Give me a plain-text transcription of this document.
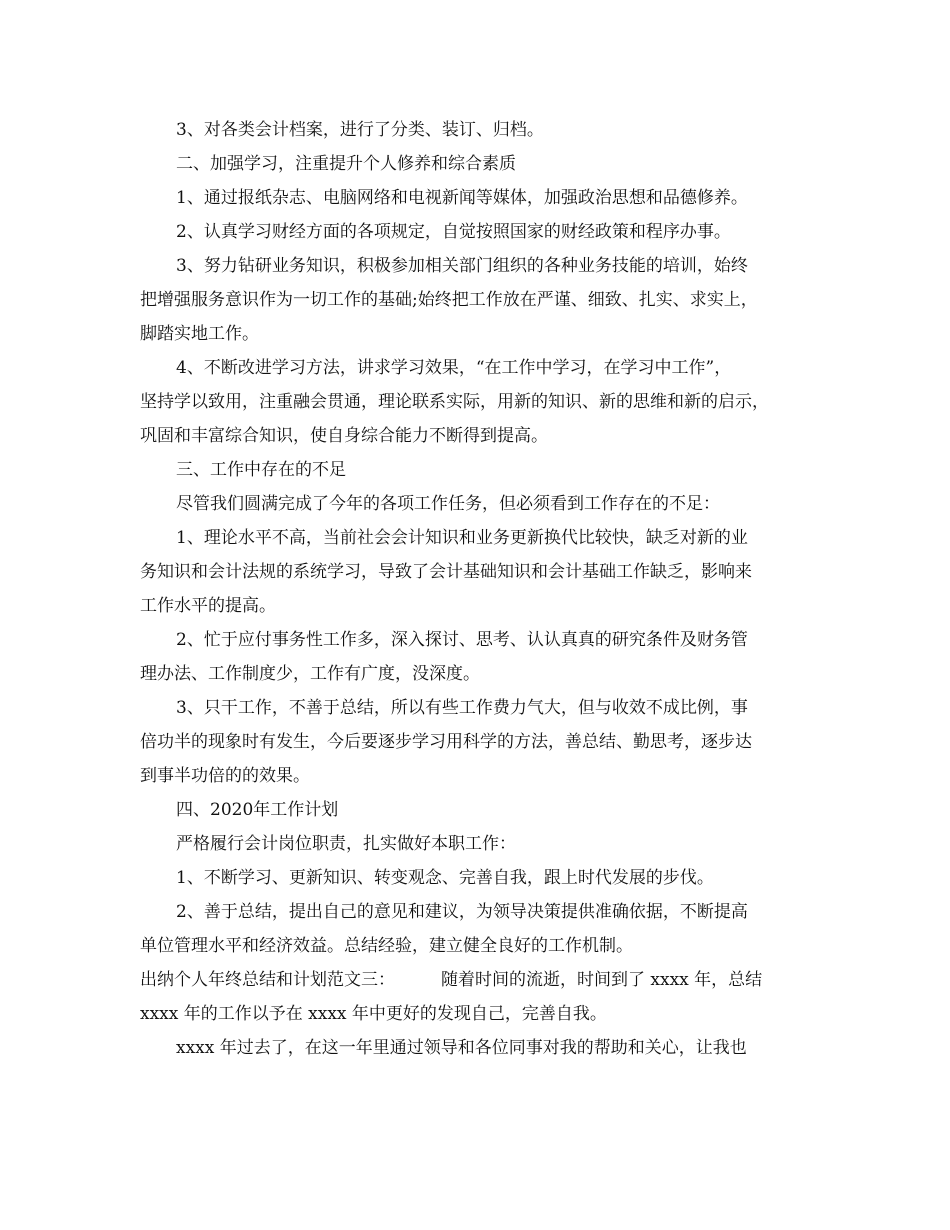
3、对各类会计档案，进行了分类、装订、归档。
二、加强学习，注重提升个人修养和综合素质
1、通过报纸杂志、电脑网络和电视新闻等媒体，加强政治思想和品德修养。
2、认真学习财经方面的各项规定，自觉按照国家的财经政策和程序办事。
3、努力钻研业务知识，积极参加相关部门组织的各种业务技能的培训，始终
把增强服务意识作为一切工作的基础;始终把工作放在严谨、细致、扎实、求实上，
脚踏实地工作。
4、不断改进学习方法，讲求学习效果，“在工作中学习，在学习中工作”，
坚持学以致用，注重融会贯通，理论联系实际，用新的知识、新的思维和新的启示，
巩固和丰富综合知识，使自身综合能力不断得到提高。
三、工作中存在的不足
尽管我们圆满完成了今年的各项工作任务，但必须看到工作存在的不足：
1、理论水平不高，当前社会会计知识和业务更新换代比较快，缺乏对新的业
务知识和会计法规的系统学习，导致了会计基础知识和会计基础工作缺乏，影响来
工作水平的提高。
2、忙于应付事务性工作多，深入探讨、思考、认认真真的研究条件及财务管
理办法、工作制度少，工作有广度，没深度。
3、只干工作，不善于总结，所以有些工作费力气大，但与收效不成比例，事
倍功半的现象时有发生，今后要逐步学习用科学的方法，善总结、勤思考，逐步达
到事半功倍的的效果。
四、2020年工作计划
严格履行会计岗位职责，扎实做好本职工作：
1、不断学习、更新知识、转变观念、完善自我，跟上时代发展的步伐。
2、善于总结，提出自己的意见和建议，为领导决策提供准确依据，不断提高
单位管理水平和经济效益。总结经验，建立健全良好的工作机制。
出纳个人年终总结和计划范文三：	随着时间的流逝，时间到了 xxxx 年，总结
xxxx 年的工作以予在 xxxx 年中更好的发现自己，完善自我。
xxxx 年过去了，在这一年里通过领导和各位同事对我的帮助和关心，让我也
